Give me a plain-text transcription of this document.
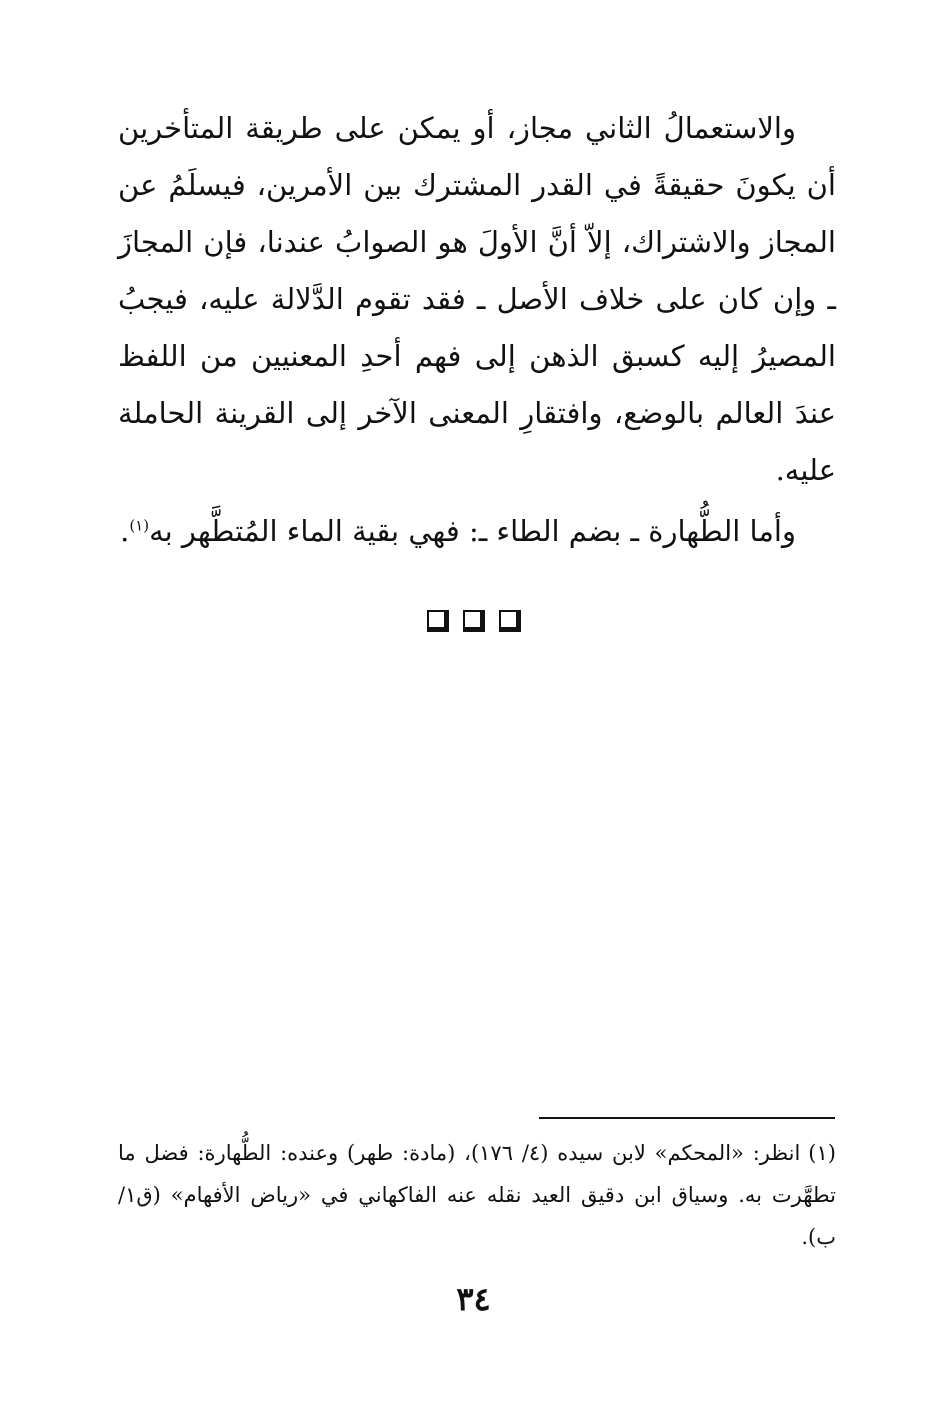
والاستعمالُ الثاني مجاز، أو يمكن على طريقة المتأخرين أن يكونَ حقيقةً في القدر المشترك بين الأمرين، فيسلَمُ عن المجاز والاشتراك، إلاّ أنَّ الأولَ هو الصوابُ عندنا، فإن المجازَ ـ وإن كان على خلاف الأصل ـ فقد تقوم الدَّلالة عليه، فيجبُ المصيرُ إليه كسبق الذهن إلى فهم أحدِ المعنيين من اللفظ عندَ العالم بالوضع، وافتقارِ المعنى الآخر إلى القرينة الحاملة عليه.

وأما الطُّهارة ـ بضم الطاء ـ: فهي بقية الماء المُتطَّهر به$^{(١)}$.

(١)انظر: «المحكم» لابن سيده (٤/ ١٧٦)، (مادة: طهر) وعنده: الطُّهارة: فضل ما تطهَّرت به. وسياق ابن دقيق العيد نقله عنه الفاكهاني في «رياض الأفهام» (ق١/ ب).

٣٤
